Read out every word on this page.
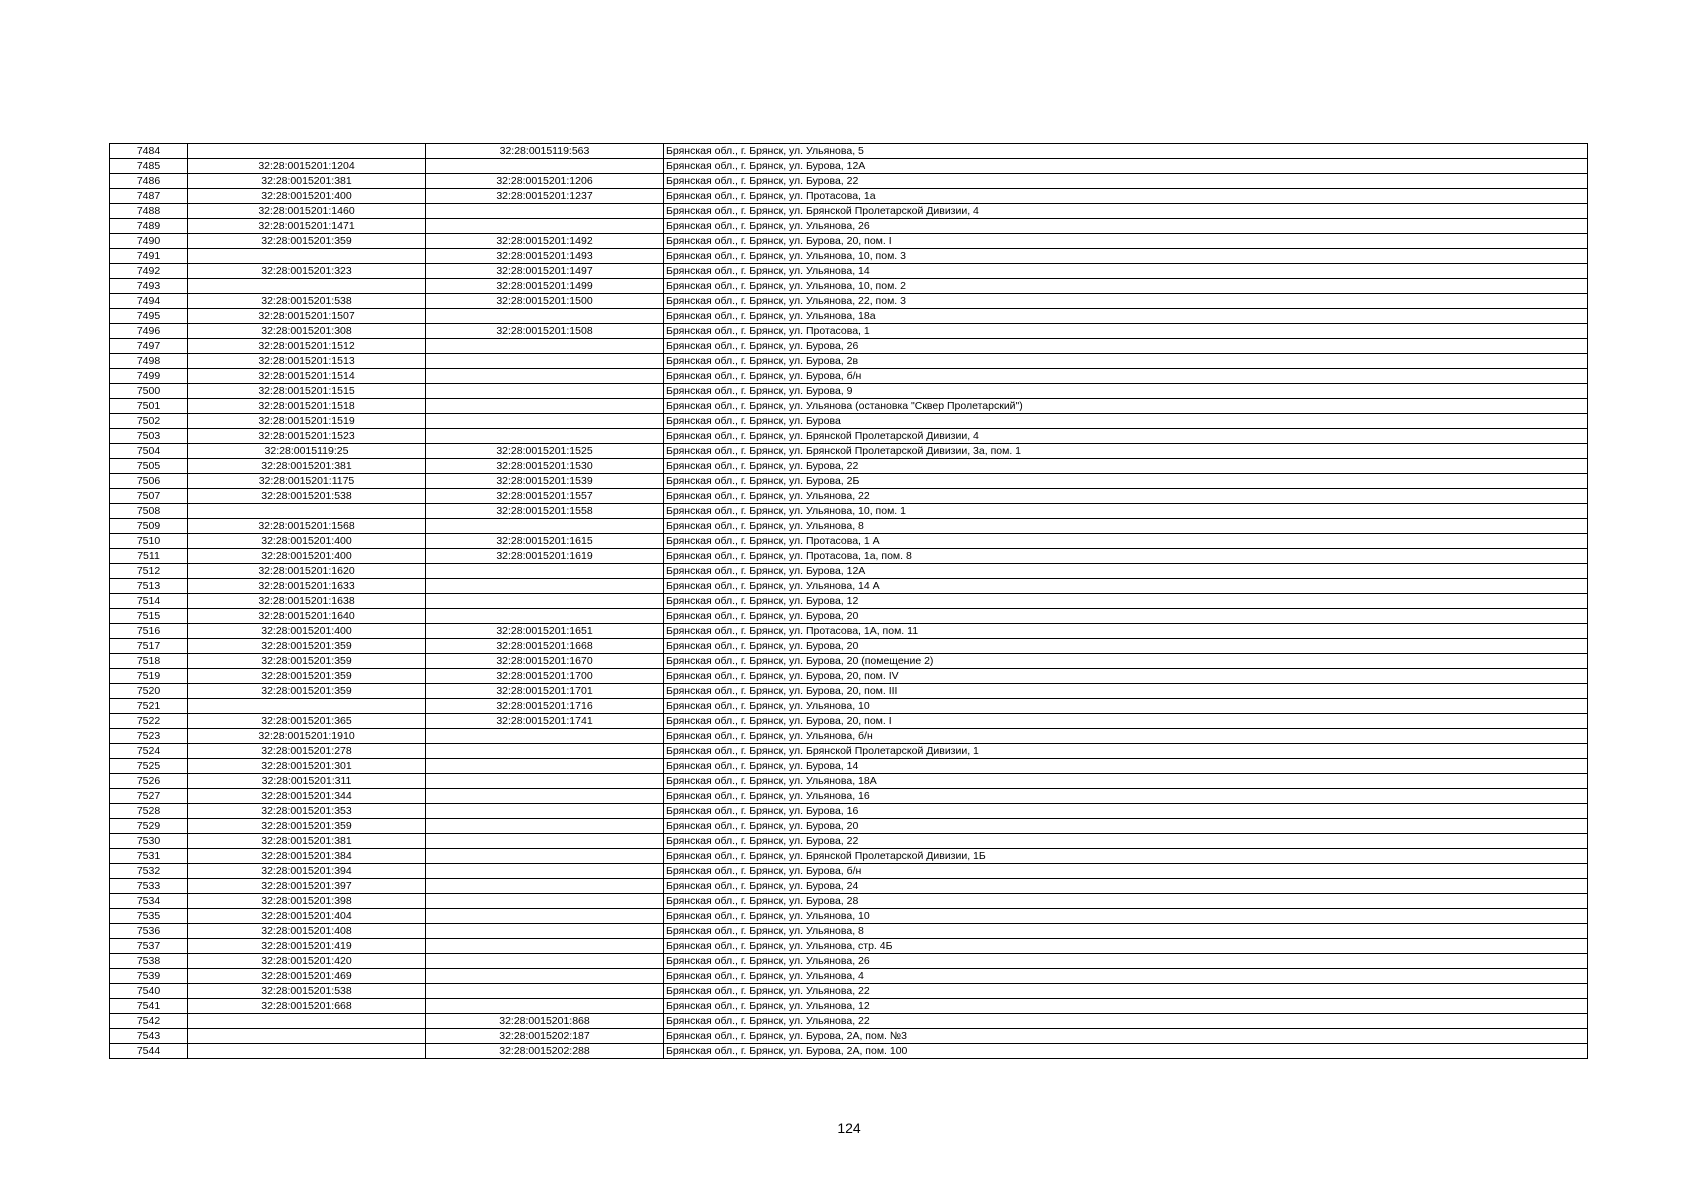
7484		32:28:0015119:563	Брянская обл., г. Брянск, ул. Ульянова, 5
7485	32:28:0015201:1204		Брянская обл., г. Брянск, ул. Бурова, 12А
7486	32:28:0015201:381	32:28:0015201:1206	Брянская обл., г. Брянск, ул. Бурова, 22
7487	32:28:0015201:400	32:28:0015201:1237	Брянская обл., г. Брянск, ул. Протасова, 1а
7488	32:28:0015201:1460		Брянская обл., г. Брянск, ул. Брянской Пролетарской Дивизии, 4
7489	32:28:0015201:1471		Брянская обл., г. Брянск, ул. Ульянова, 26
7490	32:28:0015201:359	32:28:0015201:1492	Брянская обл., г. Брянск, ул. Бурова, 20, пом. I
7491		32:28:0015201:1493	Брянская обл., г. Брянск, ул. Ульянова, 10, пом. 3
7492	32:28:0015201:323	32:28:0015201:1497	Брянская обл., г. Брянск, ул. Ульянова, 14
7493		32:28:0015201:1499	Брянская обл., г. Брянск, ул. Ульянова, 10, пом. 2
7494	32:28:0015201:538	32:28:0015201:1500	Брянская обл., г. Брянск, ул. Ульянова, 22, пом. 3
7495	32:28:0015201:1507		Брянская обл., г. Брянск, ул. Ульянова, 18а
7496	32:28:0015201:308	32:28:0015201:1508	Брянская обл., г. Брянск, ул. Протасова, 1
7497	32:28:0015201:1512		Брянская обл., г. Брянск, ул. Бурова, 26
7498	32:28:0015201:1513		Брянская обл., г. Брянск, ул. Бурова, 2в
7499	32:28:0015201:1514		Брянская обл., г. Брянск, ул. Бурова, б/н
7500	32:28:0015201:1515		Брянская обл., г. Брянск, ул. Бурова, 9
7501	32:28:0015201:1518		Брянская обл., г. Брянск, ул. Ульянова (остановка "Сквер Пролетарский")
7502	32:28:0015201:1519		Брянская обл., г. Брянск, ул. Бурова
7503	32:28:0015201:1523		Брянская обл., г. Брянск, ул. Брянской Пролетарской Дивизии, 4
7504	32:28:0015119:25	32:28:0015201:1525	Брянская обл., г. Брянск, ул. Брянской Пролетарской Дивизии, 3а, пом. 1
7505	32:28:0015201:381	32:28:0015201:1530	Брянская обл., г. Брянск, ул. Бурова, 22
7506	32:28:0015201:1175	32:28:0015201:1539	Брянская обл., г. Брянск, ул. Бурова, 2Б
7507	32:28:0015201:538	32:28:0015201:1557	Брянская обл., г. Брянск, ул. Ульянова, 22
7508		32:28:0015201:1558	Брянская обл., г. Брянск, ул. Ульянова, 10, пом. 1
7509	32:28:0015201:1568		Брянская обл., г. Брянск, ул. Ульянова, 8
7510	32:28:0015201:400	32:28:0015201:1615	Брянская обл., г. Брянск, ул. Протасова, 1 А
7511	32:28:0015201:400	32:28:0015201:1619	Брянская обл., г. Брянск, ул. Протасова, 1а, пом. 8
7512	32:28:0015201:1620		Брянская обл., г. Брянск, ул. Бурова, 12А
7513	32:28:0015201:1633		Брянская обл., г. Брянск, ул. Ульянова, 14 А
7514	32:28:0015201:1638		Брянская обл., г. Брянск, ул. Бурова, 12
7515	32:28:0015201:1640		Брянская обл., г. Брянск, ул. Бурова, 20
7516	32:28:0015201:400	32:28:0015201:1651	Брянская обл., г. Брянск, ул. Протасова, 1А, пом. 11
7517	32:28:0015201:359	32:28:0015201:1668	Брянская обл., г. Брянск, ул. Бурова, 20
7518	32:28:0015201:359	32:28:0015201:1670	Брянская обл., г. Брянск, ул. Бурова, 20 (помещение 2)
7519	32:28:0015201:359	32:28:0015201:1700	Брянская обл., г. Брянск, ул. Бурова, 20, пом. IV
7520	32:28:0015201:359	32:28:0015201:1701	Брянская обл., г. Брянск, ул. Бурова, 20, пом. III
7521		32:28:0015201:1716	Брянская обл., г. Брянск, ул. Ульянова, 10
7522	32:28:0015201:365	32:28:0015201:1741	Брянская обл., г. Брянск, ул. Бурова, 20, пом. I
7523	32:28:0015201:1910		Брянская обл., г. Брянск, ул. Ульянова, б/н
7524	32:28:0015201:278		Брянская обл., г. Брянск, ул. Брянской Пролетарской Дивизии, 1
7525	32:28:0015201:301		Брянская обл., г. Брянск, ул. Бурова, 14
7526	32:28:0015201:311		Брянская обл., г. Брянск, ул. Ульянова, 18А
7527	32:28:0015201:344		Брянская обл., г. Брянск, ул. Ульянова, 16
7528	32:28:0015201:353		Брянская обл., г. Брянск, ул. Бурова, 16
7529	32:28:0015201:359		Брянская обл., г. Брянск, ул. Бурова, 20
7530	32:28:0015201:381		Брянская обл., г. Брянск, ул. Бурова, 22
7531	32:28:0015201:384		Брянская обл., г. Брянск, ул. Брянской Пролетарской Дивизии, 1Б
7532	32:28:0015201:394		Брянская обл., г. Брянск, ул. Бурова, б/н
7533	32:28:0015201:397		Брянская обл., г. Брянск, ул. Бурова, 24
7534	32:28:0015201:398		Брянская обл., г. Брянск, ул. Бурова, 28
7535	32:28:0015201:404		Брянская обл., г. Брянск, ул. Ульянова, 10
7536	32:28:0015201:408		Брянская обл., г. Брянск, ул. Ульянова, 8
7537	32:28:0015201:419		Брянская обл., г. Брянск, ул. Ульянова, стр. 4Б
7538	32:28:0015201:420		Брянская обл., г. Брянск, ул. Ульянова, 26
7539	32:28:0015201:469		Брянская обл., г. Брянск, ул. Ульянова, 4
7540	32:28:0015201:538		Брянская обл., г. Брянск, ул. Ульянова, 22
7541	32:28:0015201:668		Брянская обл., г. Брянск, ул. Ульянова, 12
7542		32:28:0015201:868	Брянская обл., г. Брянск, ул. Ульянова, 22
7543		32:28:0015202:187	Брянская обл., г. Брянск, ул. Бурова, 2А, пом. №3
7544		32:28:0015202:288	Брянская обл., г. Брянск, ул. Бурова, 2А, пом. 100
124
